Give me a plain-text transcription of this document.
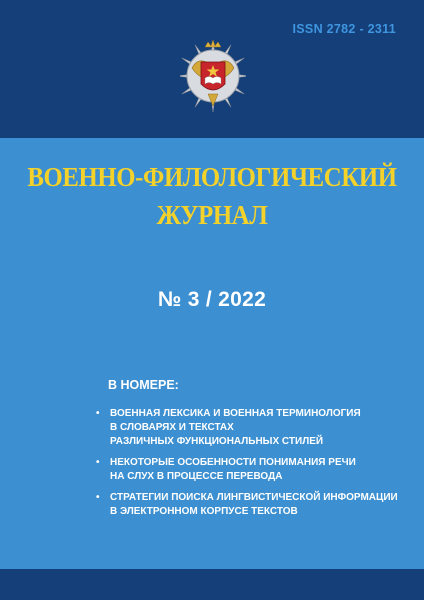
ISSN 2782 - 2311
ВОЕННО-ФИЛОЛОГИЧЕСКИЙ
ЖУРНАЛ
№ 3 / 2022
В НОМЕРЕ:
• ВОЕННАЯ ЛЕКСИКА И ВОЕННАЯ ТЕРМИНОЛОГИЯ
В СЛОВАРЯХ И ТЕКСТАХ
РАЗЛИЧНЫХ ФУНКЦИОНАЛЬНЫХ СТИЛЕЙ
• НЕКОТОРЫЕ ОСОБЕННОСТИ ПОНИМАНИЯ РЕЧИ
НА СЛУХ В ПРОЦЕССЕ ПЕРЕВОДА
• СТРАТЕГИИ ПОИСКА ЛИНГВИСТИЧЕСКОЙ ИНФОРМАЦИИ
В ЭЛЕКТРОННОМ КОРПУСЕ ТЕКСТОВ
